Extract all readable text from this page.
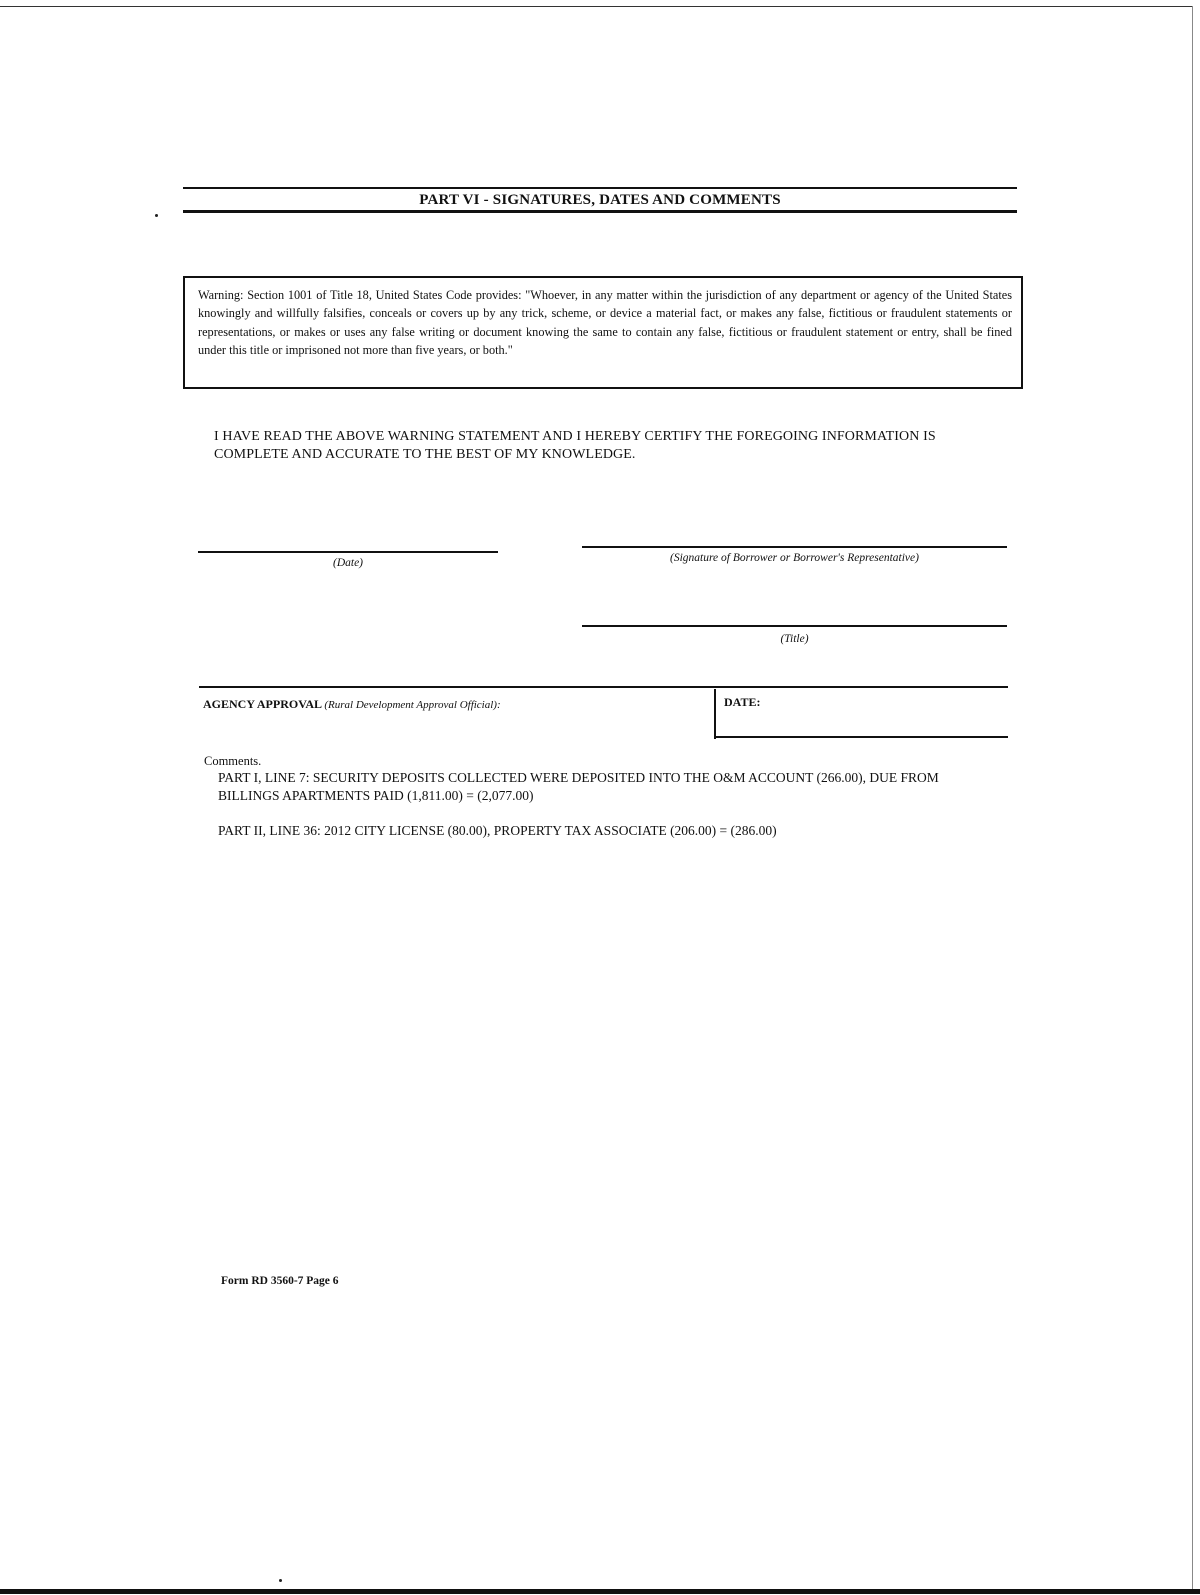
PART VI - SIGNATURES, DATES AND COMMENTS
Warning: Section 1001 of Title 18, United States Code provides: "Whoever, in any matter within the jurisdiction of any department or agency of the United States knowingly and willfully falsifies, conceals or covers up by any trick, scheme, or device a material fact, or makes any false, fictitious or fraudulent statements or representations, or makes or uses any false writing or document knowing the same to contain any false, fictitious or fraudulent statement or entry, shall be fined under this title or imprisoned not more than five years, or both."
I HAVE READ THE ABOVE WARNING STATEMENT AND I HEREBY CERTIFY THE FOREGOING INFORMATION IS COMPLETE AND ACCURATE TO THE BEST OF MY KNOWLEDGE.
(Date)	(Signature of Borrower or Borrower's Representative)
(Title)
AGENCY APPROVAL (Rural Development Approval Official):	DATE:
Comments.
PART I, LINE 7: SECURITY DEPOSITS COLLECTED WERE DEPOSITED INTO THE O&M ACCOUNT (266.00), DUE FROM BILLINGS APARTMENTS PAID (1,811.00) = (2,077.00)
PART II, LINE 36: 2012 CITY LICENSE (80.00), PROPERTY TAX ASSOCIATE (206.00) = (286.00)
Form RD 3560-7 Page 6
